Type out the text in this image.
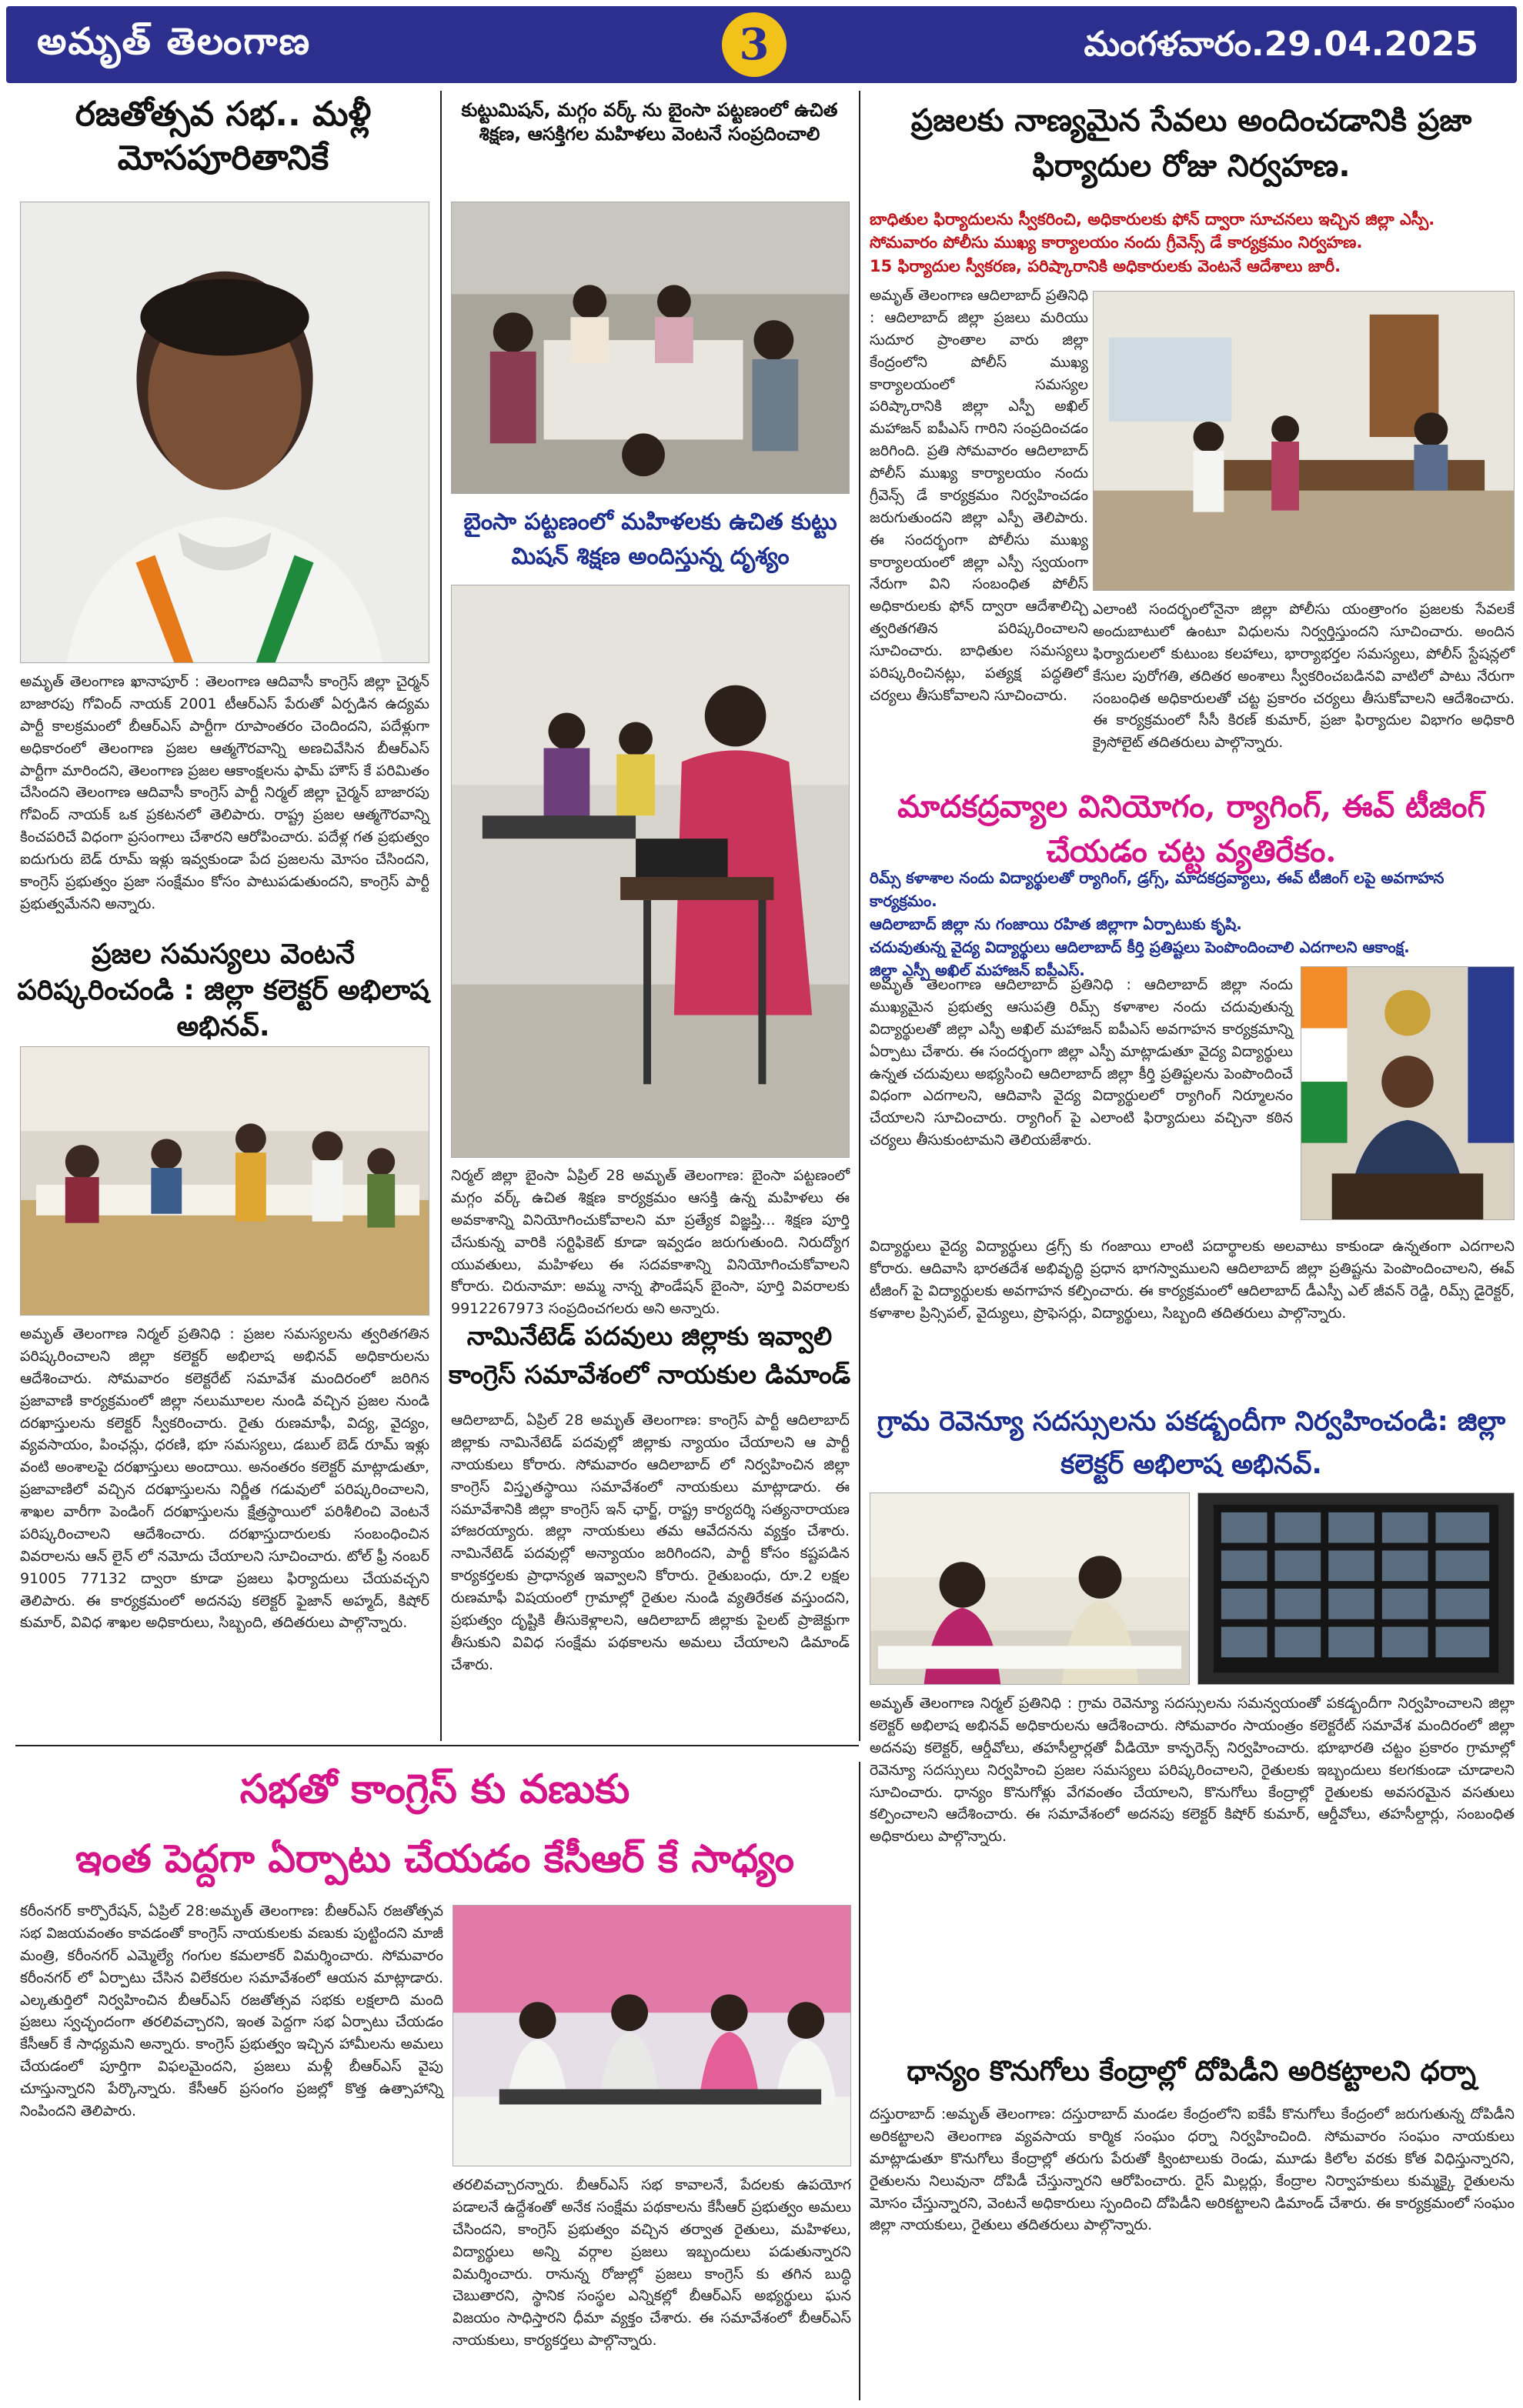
అమృత్ తెలంగాణ	3	మంగళవారం.29.04.2025
రజతోత్సవ సభ.. మళ్లీ మోసపూరితానికే
అమృత్ తెలంగాణ ఖానాపూర్ : తెలంగాణ ఆదివాసీ కాంగ్రెస్ జిల్లా చైర్మన్ బాజారపు గోవింద్ నాయక్ 2001 టీఆర్ఎస్ పేరుతో ఏర్పడిన ఉద్యమ పార్టీ కాలక్రమంలో బీఆర్ఎస్ పార్టీగా రూపాంతరం చెందిందని, పదేళ్లుగా అధికారంలో తెలంగాణ ప్రజల ఆత్మగౌరవాన్ని అణచివేసిన బీఆర్ఎస్ పార్టీగా మారిందని, తెలంగాణ ప్రజల ఆకాంక్షలను ఫామ్ హౌస్ కే పరిమితం చేసిందని తెలంగాణ ఆదివాసీ కాంగ్రెస్ పార్టీ నిర్మల్ జిల్లా చైర్మన్ బాజారపు గోవింద్ నాయక్ ఒక ప్రకటనలో తెలిపారు. రాష్ట్ర ప్రజల ఆత్మగౌరవాన్ని కించపరిచే విధంగా ప్రసంగాలు చేశారని ఆరోపించారు. పదేళ్ల గత ప్రభుత్వం ఐదుగురు బెడ్ రూమ్ ఇళ్లు ఇవ్వకుండా పేద ప్రజలను మోసం చేసిందని, కాంగ్రెస్ ప్రభుత్వం ప్రజా సంక్షేమం కోసం పాటుపడుతుందని, కాంగ్రెస్ పార్టీ ప్రభుత్వమేనని అన్నారు.
ప్రజల సమస్యలు వెంటనే పరిష్కరించండి : జిల్లా కలెక్టర్ అభిలాష అభినవ్.
అమృత్ తెలంగాణ నిర్మల్ ప్రతినిధి : ప్రజల సమస్యలను త్వరితగతిన పరిష్కరించాలని జిల్లా కలెక్టర్ అభిలాష అభినవ్ అధికారులను ఆదేశించారు. సోమవారం కలెక్టరేట్ సమావేశ మందిరంలో జరిగిన ప్రజావాణి కార్యక్రమంలో జిల్లా నలుమూలల నుండి వచ్చిన ప్రజల నుండి దరఖాస్తులను కలెక్టర్ స్వీకరించారు. రైతు రుణమాఫీ, విద్య, వైద్యం, వ్యవసాయం, పింఛన్లు, ధరణి, భూ సమస్యలు, డబుల్ బెడ్ రూమ్ ఇళ్లు వంటి అంశాలపై దరఖాస్తులు అందాయి. అనంతరం కలెక్టర్ మాట్లాడుతూ, ప్రజావాణిలో వచ్చిన దరఖాస్తులను నిర్ణీత గడువులో పరిష్కరించాలని, శాఖల వారీగా పెండింగ్ దరఖాస్తులను క్షేత్రస్థాయిలో పరిశీలించి వెంటనే పరిష్కరించాలని ఆదేశించారు. దరఖాస్తుదారులకు సంబంధించిన వివరాలను ఆన్ లైన్ లో నమోదు చేయాలని సూచించారు. టోల్ ఫ్రీ నంబర్ 91005 77132 ద్వారా కూడా ప్రజలు ఫిర్యాదులు చేయవచ్చని తెలిపారు. ఈ కార్యక్రమంలో అదనపు కలెక్టర్ ఫైజాన్ అహ్మద్, కిషోర్ కుమార్, వివిధ శాఖల అధికారులు, సిబ్బంది, తదితరులు పాల్గొన్నారు.
కుట్టుమిషన్, మగ్గం వర్క్ ను బైంసా పట్టణంలో ఉచిత శిక్షణ, ఆసక్తిగల మహిళలు వెంటనే సంప్రదించాలి
బైంసా పట్టణంలో మహిళలకు ఉచిత కుట్టు మిషన్ శిక్షణ అందిస్తున్న దృశ్యం
నిర్మల్ జిల్లా బైంసా ఏప్రిల్ 28 అమృత్ తెలంగాణ: బైంసా పట్టణంలో మగ్గం వర్క్ ఉచిత శిక్షణ కార్యక్రమం ఆసక్తి ఉన్న మహిళలు ఈ అవకాశాన్ని వినియోగించుకోవాలని మా ప్రత్యేక విజ్ఞప్తి... శిక్షణ పూర్తి చేసుకున్న వారికి సర్టిఫికెట్ కూడా ఇవ్వడం జరుగుతుంది. నిరుద్యోగ యువతులు, మహిళలు ఈ సదవకాశాన్ని వినియోగించుకోవాలని కోరారు. చిరునామా: అమ్మ నాన్న ఫౌండేషన్ బైంసా, పూర్తి వివరాలకు 9912267973 సంప్రదించగలరు అని అన్నారు.
నామినేటెడ్ పదవులు జిల్లాకు ఇవ్వాలి కాంగ్రెస్ సమావేశంలో నాయకుల డిమాండ్
ఆదిలాబాద్, ఏప్రిల్ 28 అమృత్ తెలంగాణ: కాంగ్రెస్ పార్టీ ఆదిలాబాద్ జిల్లాకు నామినేటెడ్ పదవుల్లో జిల్లాకు న్యాయం చేయాలని ఆ పార్టీ నాయకులు కోరారు. సోమవారం ఆదిలాబాద్ లో నిర్వహించిన జిల్లా కాంగ్రెస్ విస్తృతస్థాయి సమావేశంలో నాయకులు మాట్లాడారు. ఈ సమావేశానికి జిల్లా కాంగ్రెస్ ఇన్ ఛార్జ్, రాష్ట్ర కార్యదర్శి సత్యనారాయణ హాజరయ్యారు. జిల్లా నాయకులు తమ ఆవేదనను వ్యక్తం చేశారు. నామినేటెడ్ పదవుల్లో అన్యాయం జరిగిందని, పార్టీ కోసం కష్టపడిన కార్యకర్తలకు ప్రాధాన్యత ఇవ్వాలని కోరారు. రైతుబంధు, రూ.2 లక్షల రుణమాఫీ విషయంలో గ్రామాల్లో రైతుల నుండి వ్యతిరేకత వస్తుందని, ప్రభుత్వం దృష్టికి తీసుకెళ్లాలని, ఆదిలాబాద్ జిల్లాకు పైలట్ ప్రాజెక్టుగా తీసుకుని వివిధ సంక్షేమ పథకాలను అమలు చేయాలని డిమాండ్ చేశారు.
ప్రజలకు నాణ్యమైన సేవలు అందించడానికి ప్రజా ఫిర్యాదుల రోజు నిర్వహణ.
బాధితుల ఫిర్యాదులను స్వీకరించి, అధికారులకు ఫోన్ ద్వారా సూచనలు ఇచ్చిన జిల్లా ఎస్పీ.
సోమవారం పోలీసు ముఖ్య కార్యాలయం నందు గ్రీవెన్స్ డే కార్యక్రమం నిర్వహణ.
15 ఫిర్యాదుల స్వీకరణ, పరిష్కారానికి అధికారులకు వెంటనే ఆదేశాలు జారీ.
అమృత్ తెలంగాణ ఆదిలాబాద్ ప్రతినిధి : ఆదిలాబాద్ జిల్లా ప్రజలు మరియు సుదూర ప్రాంతాల వారు జిల్లా కేంద్రంలోని పోలీస్ ముఖ్య కార్యాలయంలో సమస్యల పరిష్కారానికి జిల్లా ఎస్పీ అఖిల్ మహాజన్ ఐపీఎస్ గారిని సంప్రదించడం జరిగింది. ప్రతి సోమవారం ఆదిలాబాద్ పోలీస్ ముఖ్య కార్యాలయం నందు గ్రీవెన్స్ డే కార్యక్రమం నిర్వహించడం జరుగుతుందని జిల్లా ఎస్పీ తెలిపారు. ఈ సందర్భంగా పోలీసు ముఖ్య కార్యాలయంలో జిల్లా ఎస్పీ స్వయంగా నేరుగా విని సంబంధిత పోలీస్ అధికారులకు ఫోన్ ద్వారా ఆదేశాలిచ్చి త్వరితగతిన పరిష్కరించాలని సూచించారు. బాధితుల సమస్యలు పరిష్కరించినట్లు, పత్యక్ష పద్ధతిలో చర్యలు తీసుకోవాలని సూచించారు.
ఎలాంటి సందర్భంలోనైనా జిల్లా పోలీసు యంత్రాంగం ప్రజలకు సేవలకే అందుబాటులో ఉంటూ విధులను నిర్వర్తిస్తుందని సూచించారు. అందిన ఫిర్యాదులలో కుటుంబ కలహాలు, భార్యాభర్తల సమస్యలు, పోలీస్ స్టేషన్లలో కేసుల పురోగతి, తదితర అంశాలు స్వీకరించబడినవి వాటిలో పాటు నేరుగా సంబంధిత అధికారులతో చట్ట ప్రకారం చర్యలు తీసుకోవాలని ఆదేశించారు. ఈ కార్యక్రమంలో సీసీ కిరణ్ కుమార్, ప్రజా ఫిర్యాదుల విభాగం అధికారి క్రైసోలైట్ తదితరులు పాల్గొన్నారు.
మాదకద్రవ్యాల వినియోగం, ర్యాగింగ్, ఈవ్ టీజింగ్ చేయడం చట్ట వ్యతిరేకం.
రిమ్స్ కళాశాల నందు విద్యార్థులతో ర్యాగింగ్, డ్రగ్స్, మాదకద్రవ్యాలు, ఈవ్ టీజింగ్ లపై అవగాహన కార్యక్రమం.
ఆదిలాబాద్ జిల్లా ను గంజాయి రహిత జిల్లాగా ఏర్పాటుకు కృషి.
చదువుతున్న వైద్య విద్యార్థులు ఆదిలాబాద్ కీర్తి ప్రతిష్టలు పెంపొందించాలి ఎదగాలని ఆకాంక్ష.
జిల్లా ఎస్పీ అఖిల్ మహాజన్ ఐపీఎస్.
అమృత్ తెలంగాణ ఆదిలాబాద్ ప్రతినిధి : ఆదిలాబాద్ జిల్లా నందు ముఖ్యమైన ప్రభుత్వ ఆసుపత్రి రిమ్స్ కళాశాల నందు చదువుతున్న విద్యార్థులతో జిల్లా ఎస్పీ అఖిల్ మహాజన్ ఐపీఎస్ అవగాహన కార్యక్రమాన్ని ఏర్పాటు చేశారు. ఈ సందర్భంగా జిల్లా ఎస్పీ మాట్లాడుతూ వైద్య విద్యార్థులు ఉన్నత చదువులు అభ్యసించి ఆదిలాబాద్ జిల్లా కీర్తి ప్రతిష్టలను పెంపొందించే విధంగా ఎదగాలని, ఆదివాసి వైద్య విద్యార్థులలో ర్యాగింగ్ నిర్మూలనం చేయాలని సూచించారు. ర్యాగింగ్ పై ఎలాంటి ఫిర్యాదులు వచ్చినా కఠిన చర్యలు తీసుకుంటామని తెలియజేశారు.
విద్యార్థులు వైద్య విద్యార్థులు డ్రగ్స్ కు గంజాయి లాంటి పదార్థాలకు అలవాటు కాకుండా ఉన్నతంగా ఎదగాలని కోరారు. ఆదివాసి భారతదేశ అభివృద్ధి ప్రధాన భాగస్వాములని ఆదిలాబాద్ జిల్లా ప్రతిష్టను పెంపొందించాలని, ఈవ్ టీజింగ్ పై విద్యార్థులకు అవగాహన కల్పించారు. ఈ కార్యక్రమంలో ఆదిలాబాద్ డీఎస్పీ ఎల్ జీవన్ రెడ్డి, రిమ్స్ డైరెక్టర్, కళాశాల ప్రిన్సిపల్, వైద్యులు, ప్రొఫెసర్లు, విద్యార్థులు, సిబ్బంది తదితరులు పాల్గొన్నారు.
గ్రామ రెవెన్యూ సదస్సులను పకడ్బందీగా నిర్వహించండి: జిల్లా కలెక్టర్ అభిలాష అభినవ్.
అమృత్ తెలంగాణ నిర్మల్ ప్రతినిధి : గ్రామ రెవెన్యూ సదస్సులను సమన్వయంతో పకడ్బందీగా నిర్వహించాలని జిల్లా కలెక్టర్ అభిలాష అభినవ్ అధికారులను ఆదేశించారు. సోమవారం సాయంత్రం కలెక్టరేట్ సమావేశ మందిరంలో జిల్లా అదనపు కలెక్టర్, ఆర్డీవోలు, తహసీల్దార్లతో వీడియో కాన్ఫరెన్స్ నిర్వహించారు. భూభారతి చట్టం ప్రకారం గ్రామాల్లో రెవెన్యూ సదస్సులు నిర్వహించి ప్రజల సమస్యలు పరిష్కరించాలని, రైతులకు ఇబ్బందులు కలగకుండా చూడాలని సూచించారు. ధాన్యం కొనుగోళ్లు వేగవంతం చేయాలని, కొనుగోలు కేంద్రాల్లో రైతులకు అవసరమైన వసతులు కల్పించాలని ఆదేశించారు. ఈ సమావేశంలో అదనపు కలెక్టర్ కిషోర్ కుమార్, ఆర్డీవోలు, తహసీల్దార్లు, సంబంధిత అధికారులు పాల్గొన్నారు.
ధాన్యం కొనుగోలు కేంద్రాల్లో దోపిడీని అరికట్టాలని ధర్నా
దస్తురాబాద్ :అమృత్ తెలంగాణ: దస్తురాబాద్ మండల కేంద్రంలోని ఐకేపీ కొనుగోలు కేంద్రంలో జరుగుతున్న దోపిడీని అరికట్టాలని తెలంగాణ వ్యవసాయ కార్మిక సంఘం ధర్నా నిర్వహించింది. సోమవారం సంఘం నాయకులు మాట్లాడుతూ కొనుగోలు కేంద్రాల్లో తరుగు పేరుతో క్వింటాలుకు రెండు, మూడు కిలోల వరకు కోత విధిస్తున్నారని, రైతులను నిలువునా దోపిడీ చేస్తున్నారని ఆరోపించారు. రైస్ మిల్లర్లు, కేంద్రాల నిర్వాహకులు కుమ్మక్కై రైతులను మోసం చేస్తున్నారని, వెంటనే అధికారులు స్పందించి దోపిడీని అరికట్టాలని డిమాండ్ చేశారు. ఈ కార్యక్రమంలో సంఘం జిల్లా నాయకులు, రైతులు తదితరులు పాల్గొన్నారు.
సభతో కాంగ్రెస్ కు వణుకు
ఇంత పెద్దగా ఏర్పాటు చేయడం కేసీఆర్ కే సాధ్యం
కరీంనగర్ కార్పొరేషన్, ఏప్రిల్ 28:అమృత్ తెలంగాణ: బీఆర్ఎస్ రజతోత్సవ సభ విజయవంతం కావడంతో కాంగ్రెస్ నాయకులకు వణుకు పుట్టిందని మాజీ మంత్రి, కరీంనగర్ ఎమ్మెల్యే గంగుల కమలాకర్ విమర్శించారు. సోమవారం కరీంనగర్ లో ఏర్పాటు చేసిన విలేకరుల సమావేశంలో ఆయన మాట్లాడారు. ఎల్కతుర్తిలో నిర్వహించిన బీఆర్ఎస్ రజతోత్సవ సభకు లక్షలాది మంది ప్రజలు స్వచ్ఛందంగా తరలివచ్చారని, ఇంత పెద్దగా సభ ఏర్పాటు చేయడం కేసీఆర్ కే సాధ్యమని అన్నారు. కాంగ్రెస్ ప్రభుత్వం ఇచ్చిన హామీలను అమలు చేయడంలో పూర్తిగా విఫలమైందని, ప్రజలు మళ్లీ బీఆర్ఎస్ వైపు చూస్తున్నారని పేర్కొన్నారు. కేసీఆర్ ప్రసంగం ప్రజల్లో కొత్త ఉత్సాహాన్ని నింపిందని తెలిపారు.
తరలివచ్చారన్నారు. బీఆర్ఎస్ సభ కావాలనే, పేదలకు ఉపయోగ పడాలనే ఉద్దేశంతో అనేక సంక్షేమ పథకాలను కేసీఆర్ ప్రభుత్వం అమలు చేసిందని, కాంగ్రెస్ ప్రభుత్వం వచ్చిన తర్వాత రైతులు, మహిళలు, విద్యార్థులు అన్ని వర్గాల ప్రజలు ఇబ్బందులు పడుతున్నారని విమర్శించారు. రానున్న రోజుల్లో ప్రజలు కాంగ్రెస్ కు తగిన బుద్ధి చెబుతారని, స్థానిక సంస్థల ఎన్నికల్లో బీఆర్ఎస్ అభ్యర్థులు ఘన విజయం సాధిస్తారని ధీమా వ్యక్తం చేశారు. ఈ సమావేశంలో బీఆర్ఎస్ నాయకులు, కార్యకర్తలు పాల్గొన్నారు.
